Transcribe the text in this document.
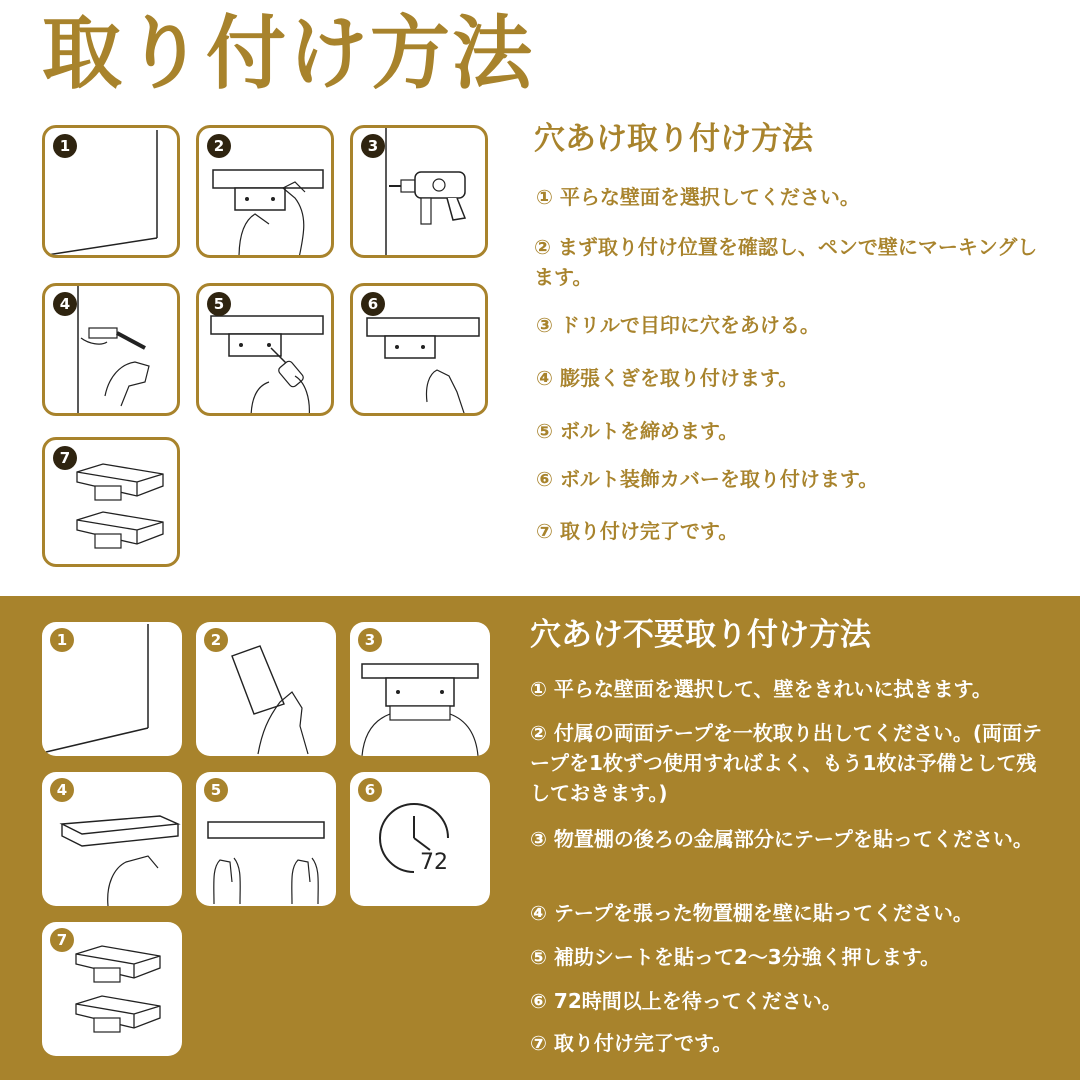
取り付け方法
1	2	3
4	5	6
7
穴あけ取り付け方法
① 平らな壁面を選択してください。
② まず取り付け位置を確認し、ペンで壁にマーキングします。
③ ドリルで目印に穴をあける。
④ 膨張くぎを取り付けます。
⑤ ボルトを締めます。
⑥ ボルト装飾カバーを取り付けます。
⑦ 取り付け完了です。
1	2	3
4	5	6
72
7
穴あけ不要取り付け方法
① 平らな壁面を選択して、壁をきれいに拭きます。
② 付属の両面テープを一枚取り出してください。(両面テープを1枚ずつ使用すればよく、もう1枚は予備として残しておきます。)
③ 物置棚の後ろの金属部分にテープを貼ってください。
④ テープを張った物置棚を壁に貼ってください。
⑤ 補助シートを貼って2〜3分強く押します。
⑥ 72時間以上を待ってください。
⑦ 取り付け完了です。
